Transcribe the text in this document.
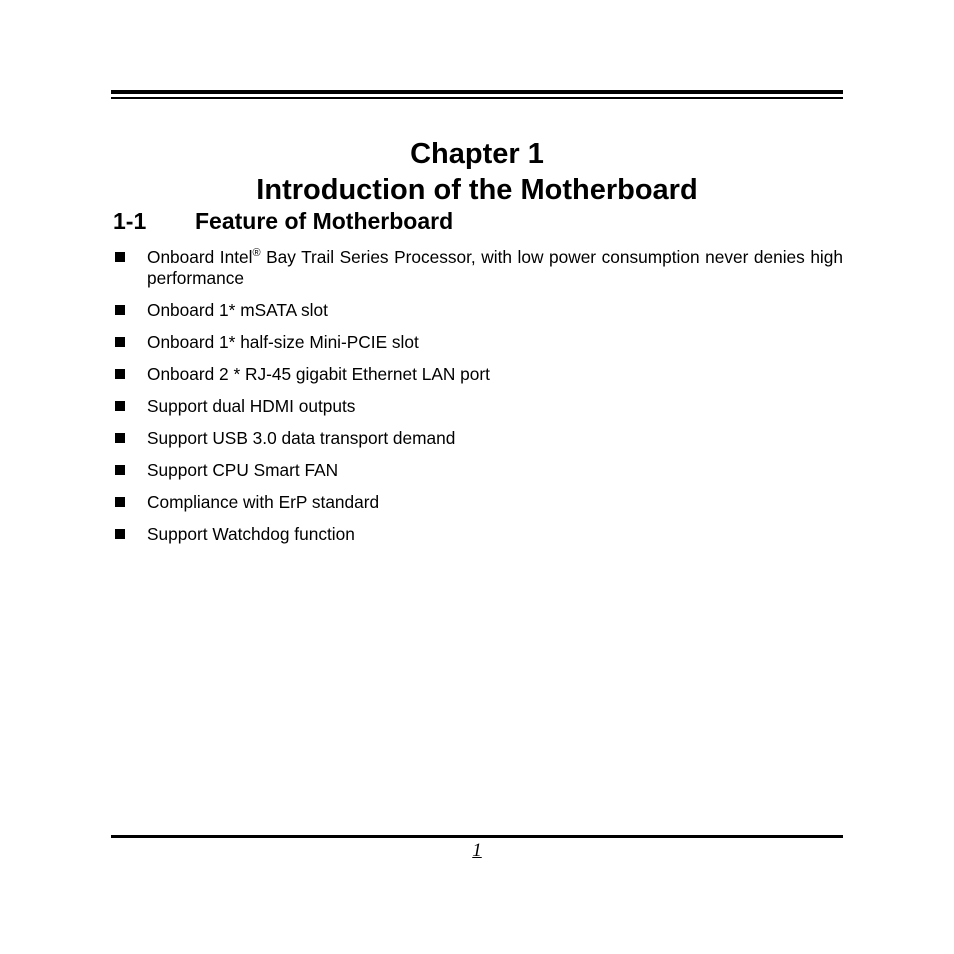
Chapter 1
Introduction of the Motherboard
1-1 Feature of Motherboard
Onboard Intel® Bay Trail Series Processor, with low power consumption never denies high performance
Onboard 1* mSATA slot
Onboard 1* half-size Mini-PCIE slot
Onboard 2 * RJ-45 gigabit Ethernet LAN port
Support dual HDMI outputs
Support USB 3.0 data transport demand
Support CPU Smart FAN
Compliance with ErP standard
Support Watchdog function
1
